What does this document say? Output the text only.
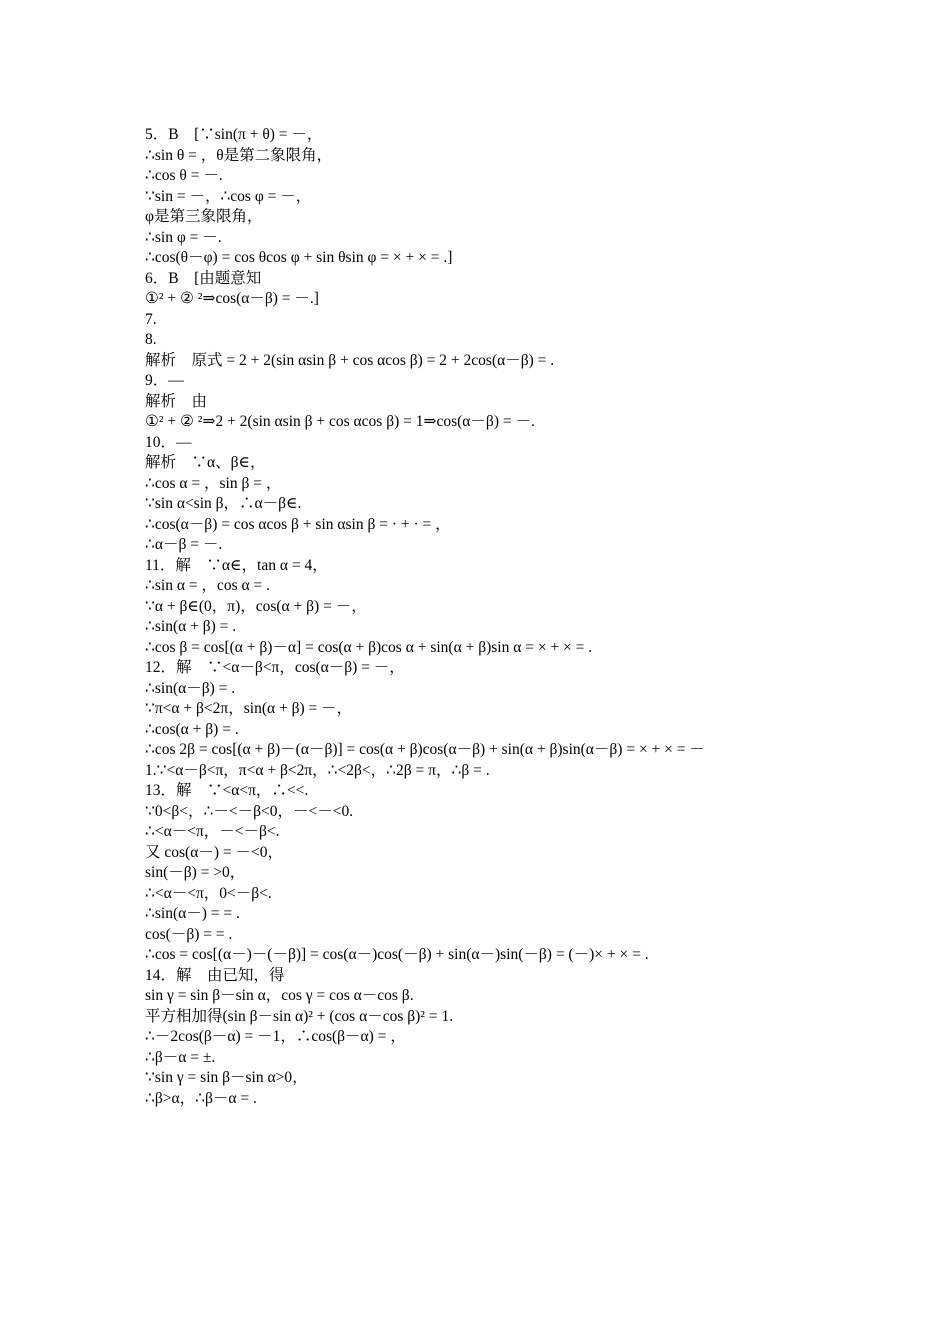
5．B　[∵sin(π + θ) = －，
∴sin θ = ，θ是第二象限角，
∴cos θ = －.
∵sin = －，∴cos φ = －，
φ是第三象限角，
∴sin φ = －.
∴cos(θ－φ) = cos θcos φ + sin θsin φ = × + × = .]
6．B　[由题意知
①² + ② ²⇒cos(α－β) = －.]
7.
8.
解析　原式 = 2 + 2(sin αsin β + cos αcos β) = 2 + 2cos(α－β) = .
9．—
解析　由
①² + ② ²⇒2 + 2(sin αsin β + cos αcos β) = 1⇒cos(α－β) = －.
10．—
解析　∵α、β∈，
∴cos α = ，sin β = ，
∵sin α<sin β，∴α－β∈.
∴cos(α－β) = cos αcos β + sin αsin β = · + · = ，
∴α－β = －.
11．解　∵α∈，tan α = 4，
∴sin α = ，cos α = .
∵α + β∈(0，π)，cos(α + β) = －，
∴sin(α + β) = .
∴cos β = cos[(α + β)－α] = cos(α + β)cos α + sin(α + β)sin α = × + × = .
12．解　∵<α－β<π，cos(α－β) = －，
∴sin(α－β) = .
∵π<α + β<2π，sin(α + β) = －，
∴cos(α + β) = .
∴cos 2β = cos[(α + β)－(α－β)] = cos(α + β)cos(α－β) + sin(α + β)sin(α－β) = × + × = －
1.∵<α－β<π，π<α + β<2π，∴<2β<，∴2β = π，∴β = .
13．解　∵<α<π，∴<<.
∵0<β<，∴－<－β<0，－<－<0.
∴<α－<π，－<－β<.
又 cos(α－) = －<0，
sin(－β) = >0，
∴<α－<π，0<－β<.
∴sin(α－) = = .
cos(－β) = = .
∴cos = cos[(α－)－(－β)] = cos(α－)cos(－β) + sin(α－)sin(－β) = (－)× + × = .
14．解　由已知，得
sin γ = sin β－sin α，cos γ = cos α－cos β.
平方相加得(sin β－sin α)² + (cos α－cos β)² = 1.
∴－2cos(β－α) = －1，∴cos(β－α) = ，
∴β－α = ±.
∵sin γ = sin β－sin α>0，
∴β>α，∴β－α = .
